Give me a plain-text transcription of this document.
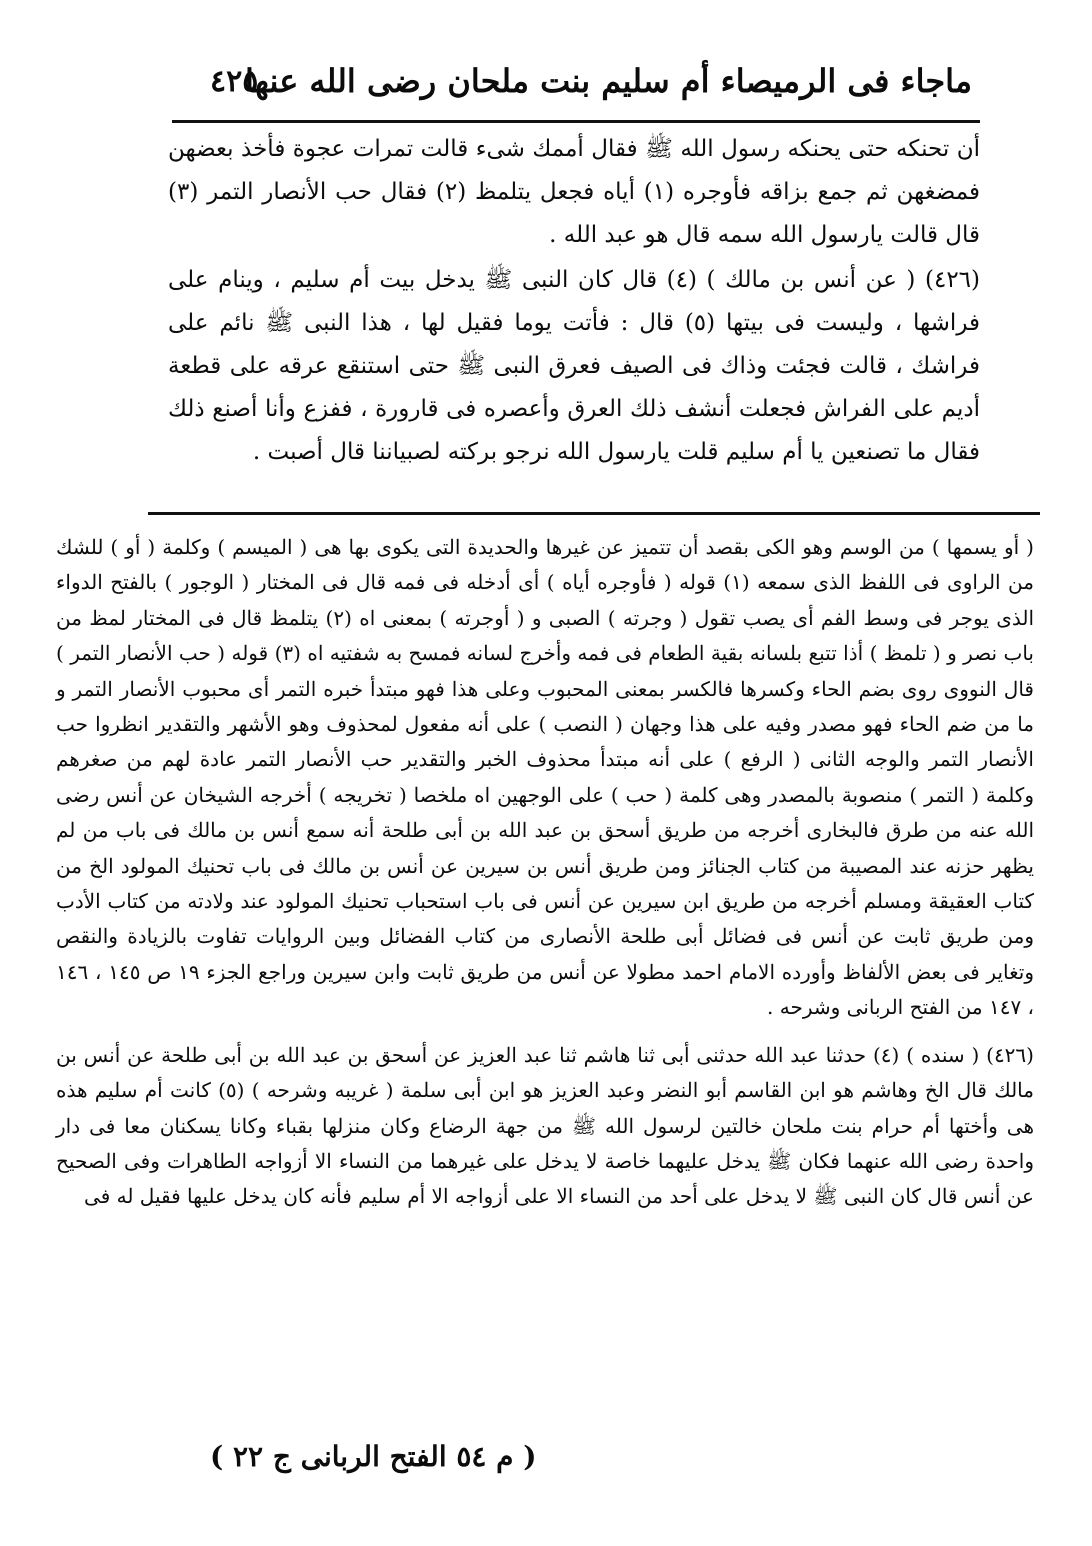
ماجاء فى الرميصاء أم سليم بنت ملحان رضى الله عنها
٤٢٥

أن تحنكه حتى يحنكه رسول الله ﷺ فقال أممك شىء قالت تمرات عجوة فأخذ بعضهن فمضغهن ثم جمع بزاقه فأوجره (١) أياه فجعل يتلمظ (٢) فقال حب الأنصار التمر (٣) قال قالت يارسول الله سمه قال هو عبد الله .

(٤٢٦) ( عن أنس بن مالك ) (٤) قال كان النبى ﷺ يدخل بيت أم سليم ، وينام على فراشها ، وليست فى بيتها (٥) قال : فأتت يوما فقيل لها ، هذا النبى ﷺ نائم على فراشك ، قالت فجئت وذاك فى الصيف فعرق النبى ﷺ حتى استنقع عرقه على قطعة أديم على الفراش فجعلت أنشف ذلك العرق وأعصره فى قارورة ، ففزع وأنا أصنع ذلك فقال ما تصنعين يا أم سليم قلت يارسول الله نرجو بركته لصبياننا قال أصبت .

( أو يسمها ) من الوسم وهو الكى بقصد أن تتميز عن غيرها والحديدة التى يكوى بها هى ( الميسم ) وكلمة ( أو ) للشك من الراوى فى اللفظ الذى سمعه (١) قوله ( فأوجره أياه ) أى أدخله فى فمه قال فى المختار ( الوجور ) بالفتح الدواء الذى يوجر فى وسط الفم أى يصب تقول ( وجرته ) الصبى و ( أوجرته ) بمعنى اه (٢) يتلمظ قال فى المختار لمظ من باب نصر و ( تلمظ ) أذا تتبع بلسانه بقية الطعام فى فمه وأخرج لسانه فمسح به شفتيه اه (٣) قوله ( حب الأنصار التمر ) قال النووى روى بضم الحاء وكسرها فالكسر بمعنى المحبوب وعلى هذا فهو مبتدأ خبره التمر أى محبوب الأنصار التمر و ما من ضم الحاء فهو مصدر وفيه على هذا وجهان ( النصب ) على أنه مفعول لمحذوف وهو الأشهر والتقدير انظروا حب الأنصار التمر والوجه الثانى ( الرفع ) على أنه مبتدأ محذوف الخبر والتقدير حب الأنصار التمر عادة لهم من صغرهم وكلمة ( التمر ) منصوبة بالمصدر وهى كلمة ( حب ) على الوجهين اه ملخصا ( تخريجه ) أخرجه الشيخان عن أنس رضى الله عنه من طرق فالبخارى أخرجه من طريق أسحق بن عبد الله بن أبى طلحة أنه سمع أنس بن مالك فى باب من لم يظهر حزنه عند المصيبة من كتاب الجنائز ومن طريق أنس بن سيرين عن أنس بن مالك فى باب تحنيك المولود الخ من كتاب العقيقة ومسلم أخرجه من طريق ابن سيرين عن أنس فى باب استحباب تحنيك المولود عند ولادته من كتاب الأدب ومن طريق ثابت عن أنس فى فضائل أبى طلحة الأنصارى من كتاب الفضائل وبين الروايات تفاوت بالزيادة والنقص وتغاير فى بعض الألفاظ وأورده الامام احمد مطولا عن أنس من طريق ثابت وابن سيرين وراجع الجزء ١٩ ص ١٤٥ ، ١٤٦ ، ١٤٧ من الفتح الربانى وشرحه .

(٤٢٦) ( سنده ) (٤) حدثنا عبد الله حدثنى أبى ثنا هاشم ثنا عبد العزيز عن أسحق بن عبد الله بن أبى طلحة عن أنس بن مالك قال الخ وهاشم هو ابن القاسم أبو النضر وعبد العزيز هو ابن أبى سلمة ( غريبه وشرحه ) (٥) كانت أم سليم هذه هى وأختها أم حرام بنت ملحان خالتين لرسول الله ﷺ من جهة الرضاع وكان منزلها بقباء وكانا يسكنان معا فى دار واحدة رضى الله عنهما فكان ﷺ يدخل عليهما خاصة لا يدخل على غيرهما من النساء الا أزواجه الطاهرات وفى الصحيح عن أنس قال كان النبى ﷺ لا يدخل على أحد من النساء الا على أزواجه الا أم سليم فأنه كان يدخل عليها فقيل له فى

( م ٥٤ الفتح الربانى ج ٢٢ )
